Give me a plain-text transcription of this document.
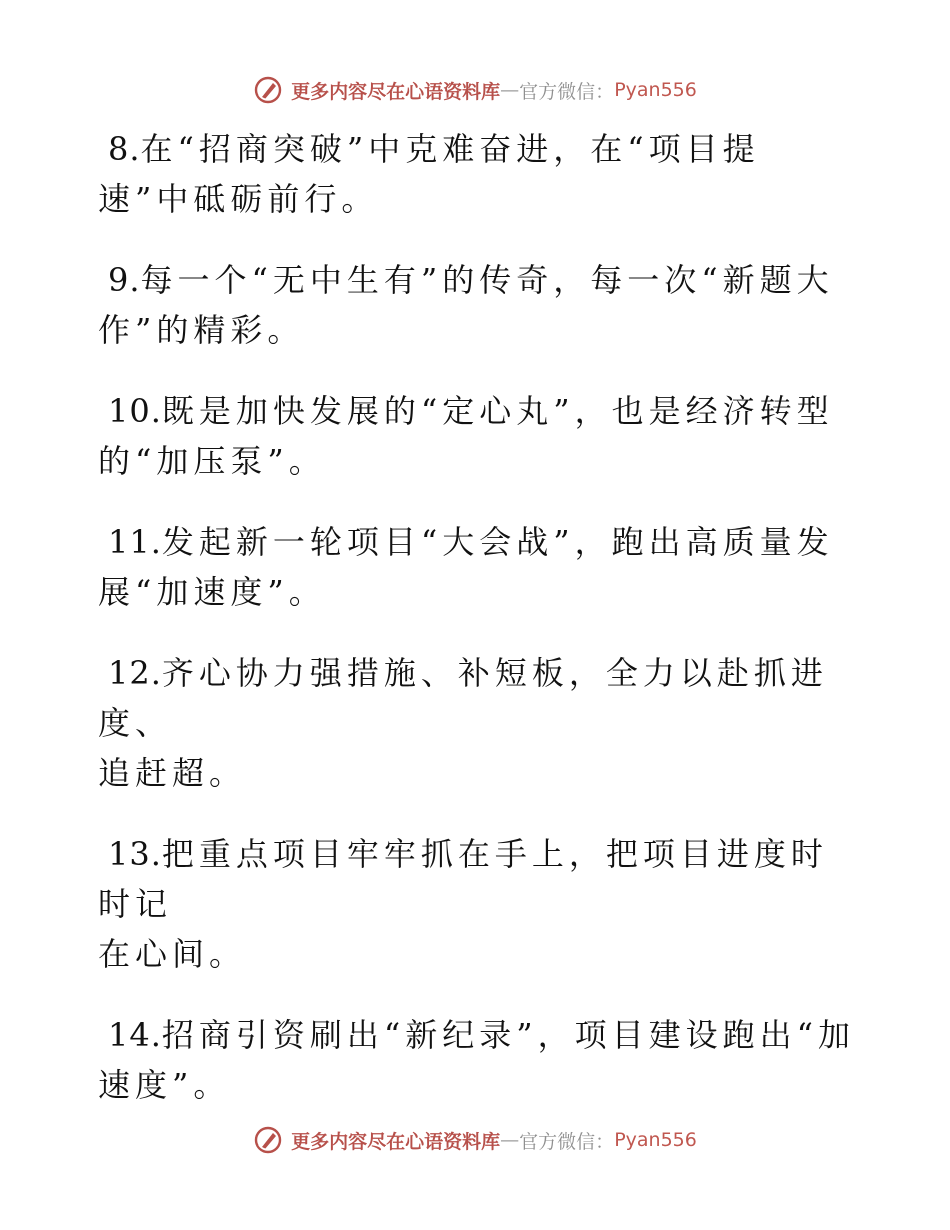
更多内容尽在心语资料库 — 官方微信： Pyan556

8.在“招商突破”中克难奋进，在“项目提
速”中砥砺前行。

9.每一个“无中生有”的传奇，每一次“新题大
作”的精彩。

10.既是加快发展的“定心丸”，也是经济转型
的“加压泵”。

11.发起新一轮项目“大会战”，跑出高质量发
展“加速度”。

12.齐心协力强措施、补短板，全力以赴抓进度、
追赶超。

13.把重点项目牢牢抓在手上，把项目进度时时记
在心间。

14.招商引资刷出“新纪录”，项目建设跑出“加
速度”。

更多内容尽在心语资料库 — 官方微信： Pyan556
